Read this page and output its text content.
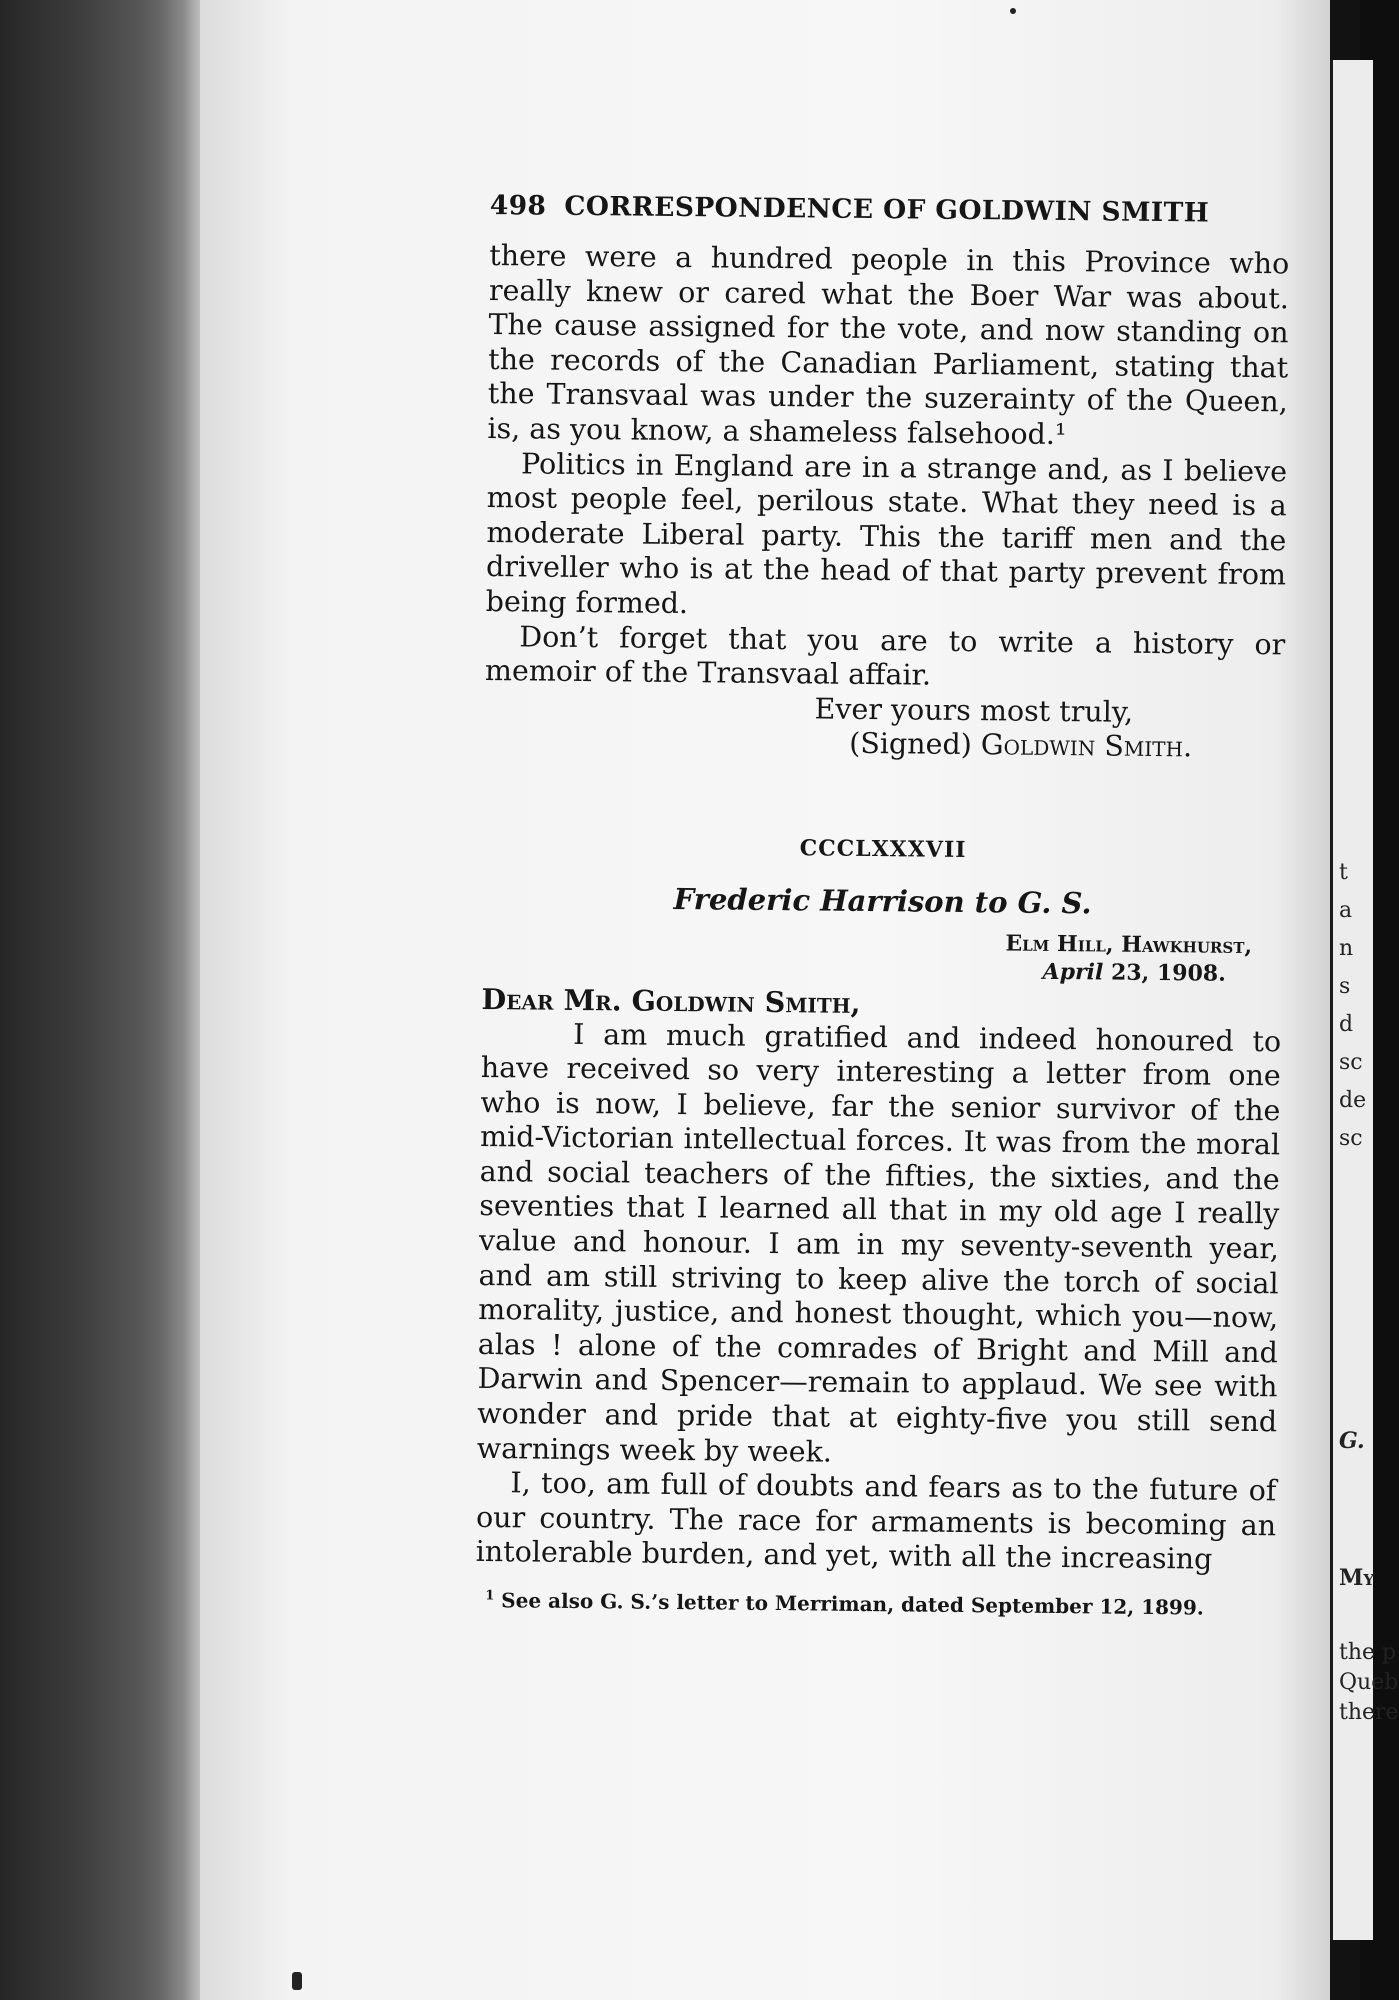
t
a
n
s
d
sc
de
sc
G.
My
the p
Queb
there
498 CORRESPONDENCE OF GOLDWIN SMITH

there were a hundred people in this Province who really knew or cared what the Boer War was about. The cause assigned for the vote, and now standing on the records of the Canadian Parliament, stating that the Transvaal was under the suzerainty of the Queen, is, as you know, a shameless falsehood.¹

Politics in England are in a strange and, as I believe most people feel, perilous state. What they need is a moderate Liberal party. This the tariff men and the driveller who is at the head of that party prevent from being formed.

Don’t forget that you are to write a history or memoir of the Transvaal affair.

Ever yours most truly,
(Signed) Goldwin Smith.
CCCLXXXVII
Frederic Harrison to G. S.
Elm Hill, Hawkhurst,
April 23, 1908.
Dear Mr. Goldwin Smith,

I am much gratified and indeed honoured to have received so very interesting a letter from one who is now, I believe, far the senior survivor of the mid-Victorian intellectual forces. It was from the moral and social teachers of the fifties, the sixties, and the seventies that I learned all that in my old age I really value and honour. I am in my seventy-seventh year, and am still striving to keep alive the torch of social morality, justice, and honest thought, which you—now, alas ! alone of the comrades of Bright and Mill and Darwin and Spencer—remain to applaud. We see with wonder and pride that at eighty-five you still send warnings week by week.

I, too, am full of doubts and fears as to the future of our country. The race for armaments is becoming an intolerable burden, and yet, with all the increasing

$^1$ See also G. S.’s letter to Merriman, dated September 12, 1899.
